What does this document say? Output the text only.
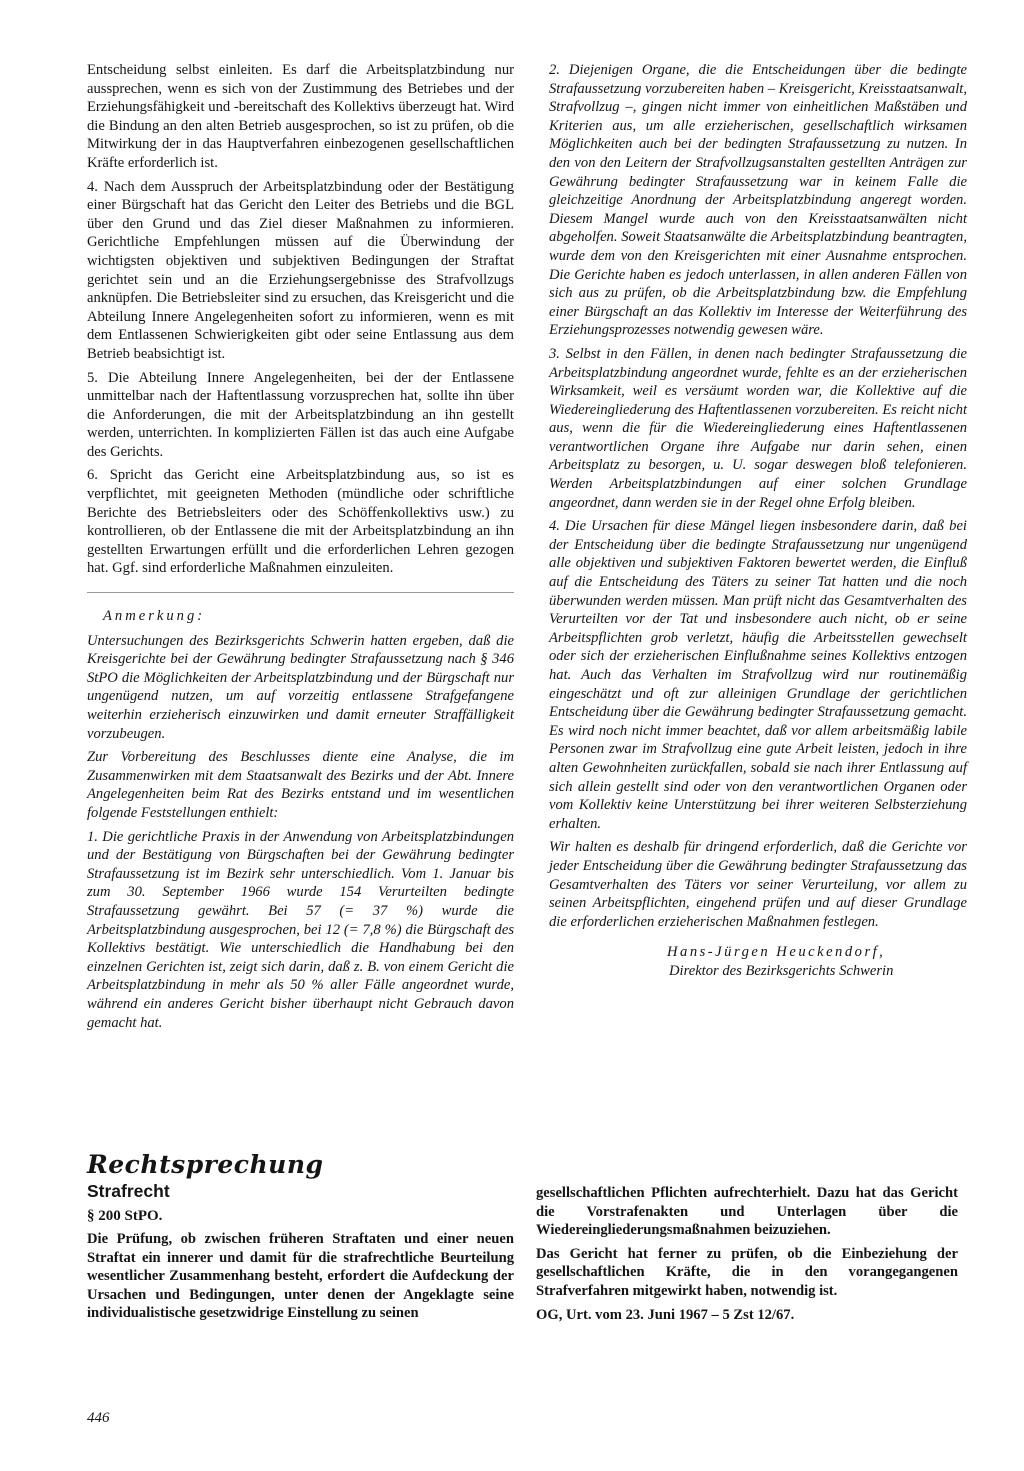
Entscheidung selbst einleiten. Es darf die Arbeitsplatzbindung nur aussprechen, wenn es sich von der Zustimmung des Betriebes und der Erziehungsfähigkeit und -bereitschaft des Kollektivs überzeugt hat. Wird die Bindung an den alten Betrieb ausgesprochen, so ist zu prüfen, ob die Mitwirkung der in das Hauptverfahren einbezogenen gesellschaftlichen Kräfte erforderlich ist.

4. Nach dem Ausspruch der Arbeitsplatzbindung oder der Bestätigung einer Bürgschaft hat das Gericht den Leiter des Betriebs und die BGL über den Grund und das Ziel dieser Maßnahmen zu informieren. Gerichtliche Empfehlungen müssen auf die Überwindung der wichtigsten objektiven und subjektiven Bedingungen der Straftat gerichtet sein und an die Erziehungsergebnisse des Strafvollzugs anknüpfen. Die Betriebsleiter sind zu ersuchen, das Kreisgericht und die Abteilung Innere Angelegenheiten sofort zu informieren, wenn es mit dem Entlassenen Schwierigkeiten gibt oder seine Entlassung aus dem Betrieb beabsichtigt ist.

5. Die Abteilung Innere Angelegenheiten, bei der der Entlassene unmittelbar nach der Haftentlassung vorzusprechen hat, sollte ihn über die Anforderungen, die mit der Arbeitsplatzbindung an ihn gestellt werden, unterrichten. In komplizierten Fällen ist das auch eine Aufgabe des Gerichts.

6. Spricht das Gericht eine Arbeitsplatzbindung aus, so ist es verpflichtet, mit geeigneten Methoden (mündliche oder schriftliche Berichte des Betriebsleiters oder des Schöffenkollektivs usw.) zu kontrollieren, ob der Entlassene die mit der Arbeitsplatzbindung an ihn gestellten Erwartungen erfüllt und die erforderlichen Lehren gezogen hat. Ggf. sind erforderliche Maßnahmen einzuleiten.

Anmerkung:

Untersuchungen des Bezirksgerichts Schwerin hatten ergeben, daß die Kreisgerichte bei der Gewährung bedingter Strafaussetzung nach § 346 StPO die Möglichkeiten der Arbeitsplatzbindung und der Bürgschaft nur ungenügend nutzen, um auf vorzeitig entlassene Strafgefangene weiterhin erzieherisch einzuwirken und damit erneuter Straffälligkeit vorzubeugen.

Zur Vorbereitung des Beschlusses diente eine Analyse, die im Zusammenwirken mit dem Staatsanwalt des Bezirks und der Abt. Innere Angelegenheiten beim Rat des Bezirks entstand und im wesentlichen folgende Feststellungen enthielt:

1. Die gerichtliche Praxis in der Anwendung von Arbeitsplatzbindungen und der Bestätigung von Bürgschaften bei der Gewährung bedingter Strafaussetzung ist im Bezirk sehr unterschiedlich. Vom 1. Januar bis zum 30. September 1966 wurde 154 Verurteilten bedingte Strafaussetzung gewährt. Bei 57 (= 37 %) wurde die Arbeitsplatzbindung ausgesprochen, bei 12 (= 7,8 %) die Bürgschaft des Kollektivs bestätigt. Wie unterschiedlich die Handhabung bei den einzelnen Gerichten ist, zeigt sich darin, daß z. B. von einem Gericht die Arbeitsplatzbindung in mehr als 50 % aller Fälle angeordnet wurde, während ein anderes Gericht bisher überhaupt nicht Gebrauch davon gemacht hat.

2. Diejenigen Organe, die die Entscheidungen über die bedingte Strafaussetzung vorzubereiten haben – Kreisgericht, Kreisstaatsanwalt, Strafvollzug –, gingen nicht immer von einheitlichen Maßstäben und Kriterien aus, um alle erzieherischen, gesellschaftlich wirksamen Möglichkeiten auch bei der bedingten Strafaussetzung zu nutzen. In den von den Leitern der Strafvollzugsanstalten gestellten Anträgen zur Gewährung bedingter Strafaussetzung war in keinem Falle die gleichzeitige Anordnung der Arbeitsplatzbindung angeregt worden. Diesem Mangel wurde auch von den Kreisstaatsanwälten nicht abgeholfen. Soweit Staatsanwälte die Arbeitsplatzbindung beantragten, wurde dem von den Kreisgerichten mit einer Ausnahme entsprochen. Die Gerichte haben es jedoch unterlassen, in allen anderen Fällen von sich aus zu prüfen, ob die Arbeitsplatzbindung bzw. die Empfehlung einer Bürgschaft an das Kollektiv im Interesse der Weiterführung des Erziehungsprozesses notwendig gewesen wäre.

3. Selbst in den Fällen, in denen nach bedingter Strafaussetzung die Arbeitsplatzbindung angeordnet wurde, fehlte es an der erzieherischen Wirksamkeit, weil es versäumt worden war, die Kollektive auf die Wiedereingliederung des Haftentlassenen vorzubereiten. Es reicht nicht aus, wenn die für die Wiedereingliederung eines Haftentlassenen verantwortlichen Organe ihre Aufgabe nur darin sehen, einen Arbeitsplatz zu besorgen, u. U. sogar deswegen bloß telefonieren. Werden Arbeitsplatzbindungen auf einer solchen Grundlage angeordnet, dann werden sie in der Regel ohne Erfolg bleiben.

4. Die Ursachen für diese Mängel liegen insbesondere darin, daß bei der Entscheidung über die bedingte Strafaussetzung nur ungenügend alle objektiven und subjektiven Faktoren bewertet werden, die Einfluß auf die Entscheidung des Täters zu seiner Tat hatten und die noch überwunden werden müssen. Man prüft nicht das Gesamtverhalten des Verurteilten vor der Tat und insbesondere auch nicht, ob er seine Arbeitspflichten grob verletzt, häufig die Arbeitsstellen gewechselt oder sich der erzieherischen Einflußnahme seines Kollektivs entzogen hat. Auch das Verhalten im Strafvollzug wird nur routinemäßig eingeschätzt und oft zur alleinigen Grundlage der gerichtlichen Entscheidung über die Gewährung bedingter Strafaussetzung gemacht. Es wird noch nicht immer beachtet, daß vor allem arbeitsmäßig labile Personen zwar im Strafvollzug eine gute Arbeit leisten, jedoch in ihre alten Gewohnheiten zurückfallen, sobald sie nach ihrer Entlassung auf sich allein gestellt sind oder von den verantwortlichen Organen oder vom Kollektiv keine Unterstützung bei ihrer weiteren Selbsterziehung erhalten.

Wir halten es deshalb für dringend erforderlich, daß die Gerichte vor jeder Entscheidung über die Gewährung bedingter Strafaussetzung das Gesamtverhalten des Täters vor seiner Verurteilung, vor allem zu seinen Arbeitspflichten, eingehend prüfen und auf dieser Grundlage die erforderlichen erzieherischen Maßnahmen festlegen.

Hans-Jürgen Heuckendorf,
Direktor des Bezirksgerichts Schwerin
Rechtsprechung
Strafrecht
§ 200 StPO.

Die Prüfung, ob zwischen früheren Straftaten und einer neuen Straftat ein innerer und damit für die strafrechtliche Beurteilung wesentlicher Zusammenhang besteht, erfordert die Aufdeckung der Ursachen und Bedingungen, unter denen der Angeklagte seine individualistische gesetzwidrige Einstellung zu seinen

gesellschaftlichen Pflichten aufrechterhielt. Dazu hat das Gericht die Vorstrafenakten und Unterlagen über die Wiedereingliederungsmaßnahmen beizuziehen.

Das Gericht hat ferner zu prüfen, ob die Einbeziehung der gesellschaftlichen Kräfte, die in den vorangegangenen Strafverfahren mitgewirkt haben, notwendig ist.

OG, Urt. vom 23. Juni 1967 – 5 Zst 12/67.

446
